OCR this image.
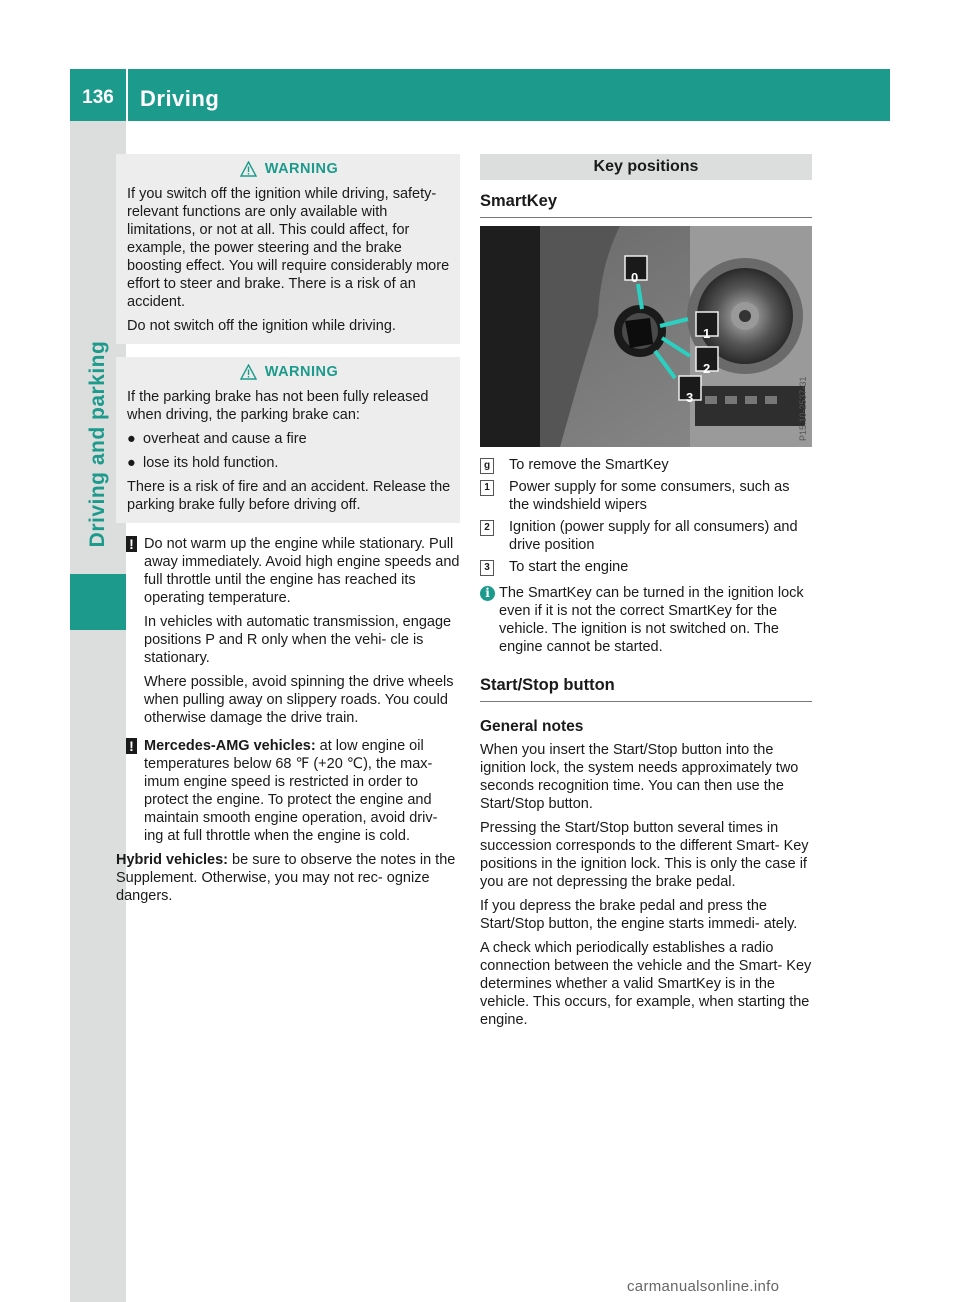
136	Driving
Driving and parking
WARNING

If you switch off the ignition while driving, safety-relevant functions are only available with limitations, or not at all. This could affect, for example, the power steering and the brake boosting effect. You will require considerably more effort to steer and brake. There is a risk of an accident.

Do not switch off the ignition while driving.

WARNING

If the parking brake has not been fully released when driving, the parking brake can:

● overheat and cause a fire
● lose its hold function.

There is a risk of fire and an accident. Release the parking brake fully before driving off.

! Do not warm up the engine while stationary. Pull away immediately. Avoid high engine speeds and full throttle until the engine has reached its operating temperature.

In vehicles with automatic transmission, engage positions P and R only when the vehi- cle is stationary.

Where possible, avoid spinning the drive wheels when pulling away on slippery roads. You could otherwise damage the drive train.

! Mercedes-AMG vehicles: at low engine oil temperatures below 68 ℉ (+20 ℃), the max- imum engine speed is restricted in order to protect the engine. To protect the engine and maintain smooth engine operation, avoid driv- ing at full throttle when the engine is cold.

Hybrid vehicles: be sure to observe the notes in the Supplement. Otherwise, you may not rec- ognize dangers.

Key positions
SmartKey
P15.10-2537-31
0
1
2
3
g To remove the SmartKey
1 Power supply for some consumers, such as the windshield wipers
2 Ignition (power supply for all consumers) and drive position
3 To start the engine
i The SmartKey can be turned in the ignition lock even if it is not the correct SmartKey for the vehicle. The ignition is not switched on. The engine cannot be started.

Start/Stop button
General notes

When you insert the Start/Stop button into the ignition lock, the system needs approximately two seconds recognition time. You can then use the Start/Stop button.

Pressing the Start/Stop button several times in succession corresponds to the different Smart- Key positions in the ignition lock. This is only the case if you are not depressing the brake pedal.

If you depress the brake pedal and press the Start/Stop button, the engine starts immedi- ately.

A check which periodically establishes a radio connection between the vehicle and the Smart- Key determines whether a valid SmartKey is in the vehicle. This occurs, for example, when starting the engine.

carmanualsonline.info
